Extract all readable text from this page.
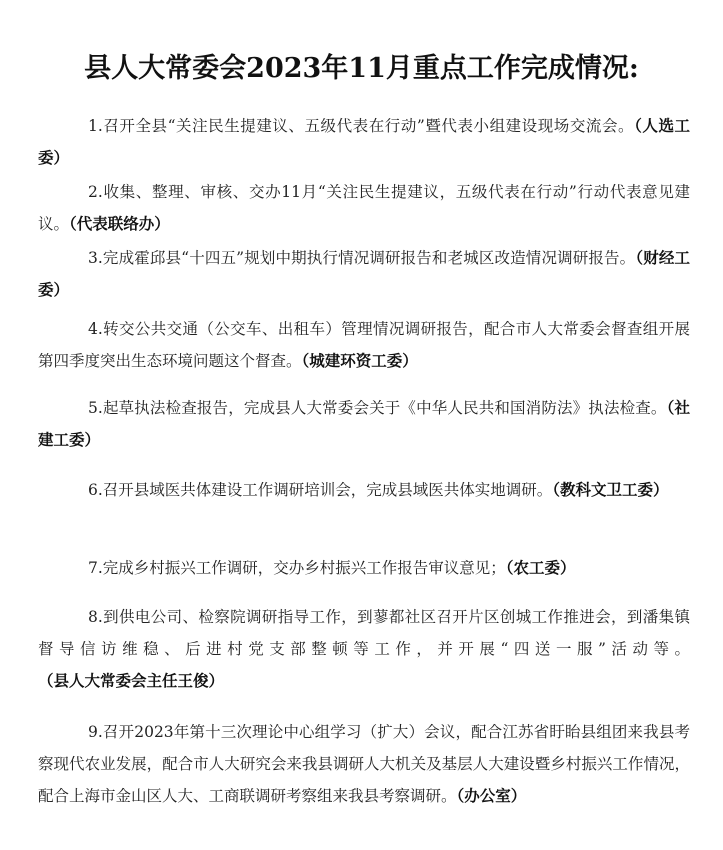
县人大常委会2023年11月重点工作完成情况:

1.召开全县“关注民生提建议、五级代表在行动”暨代表小组建设现场交流会。（人选工委）

2.收集、整理、审核、交办11月“关注民生提建议，五级代表在行动”行动代表意见建议。（代表联络办）

3.完成霍邱县“十四五”规划中期执行情况调研报告和老城区改造情况调研报告。（财经工委）

4.转交公共交通（公交车、出租车）管理情况调研报告，配合市人大常委会督查组开展第四季度突出生态环境问题这个督查。（城建环资工委）

5.起草执法检查报告，完成县人大常委会关于《中华人民共和国消防法》执法检查。（社建工委）

6.召开县域医共体建设工作调研培训会，完成县域医共体实地调研。（教科文卫工委）

7.完成乡村振兴工作调研，交办乡村振兴工作报告审议意见；（农工委）

8.到供电公司、检察院调研指导工作，到蓼都社区召开片区创城工作推进会，到潘集镇督导信访维稳、后进村党支部整顿等工作，并开展“四送一服”活动等。（县人大常委会主任王俊）

9.召开2023年第十三次理论中心组学习（扩大）会议，配合江苏省盱眙县组团来我县考察现代农业发展，配合市人大研究会来我县调研人大机关及基层人大建设暨乡村振兴工作情况，配合上海市金山区人大、工商联调研考察组来我县考察调研。（办公室）
